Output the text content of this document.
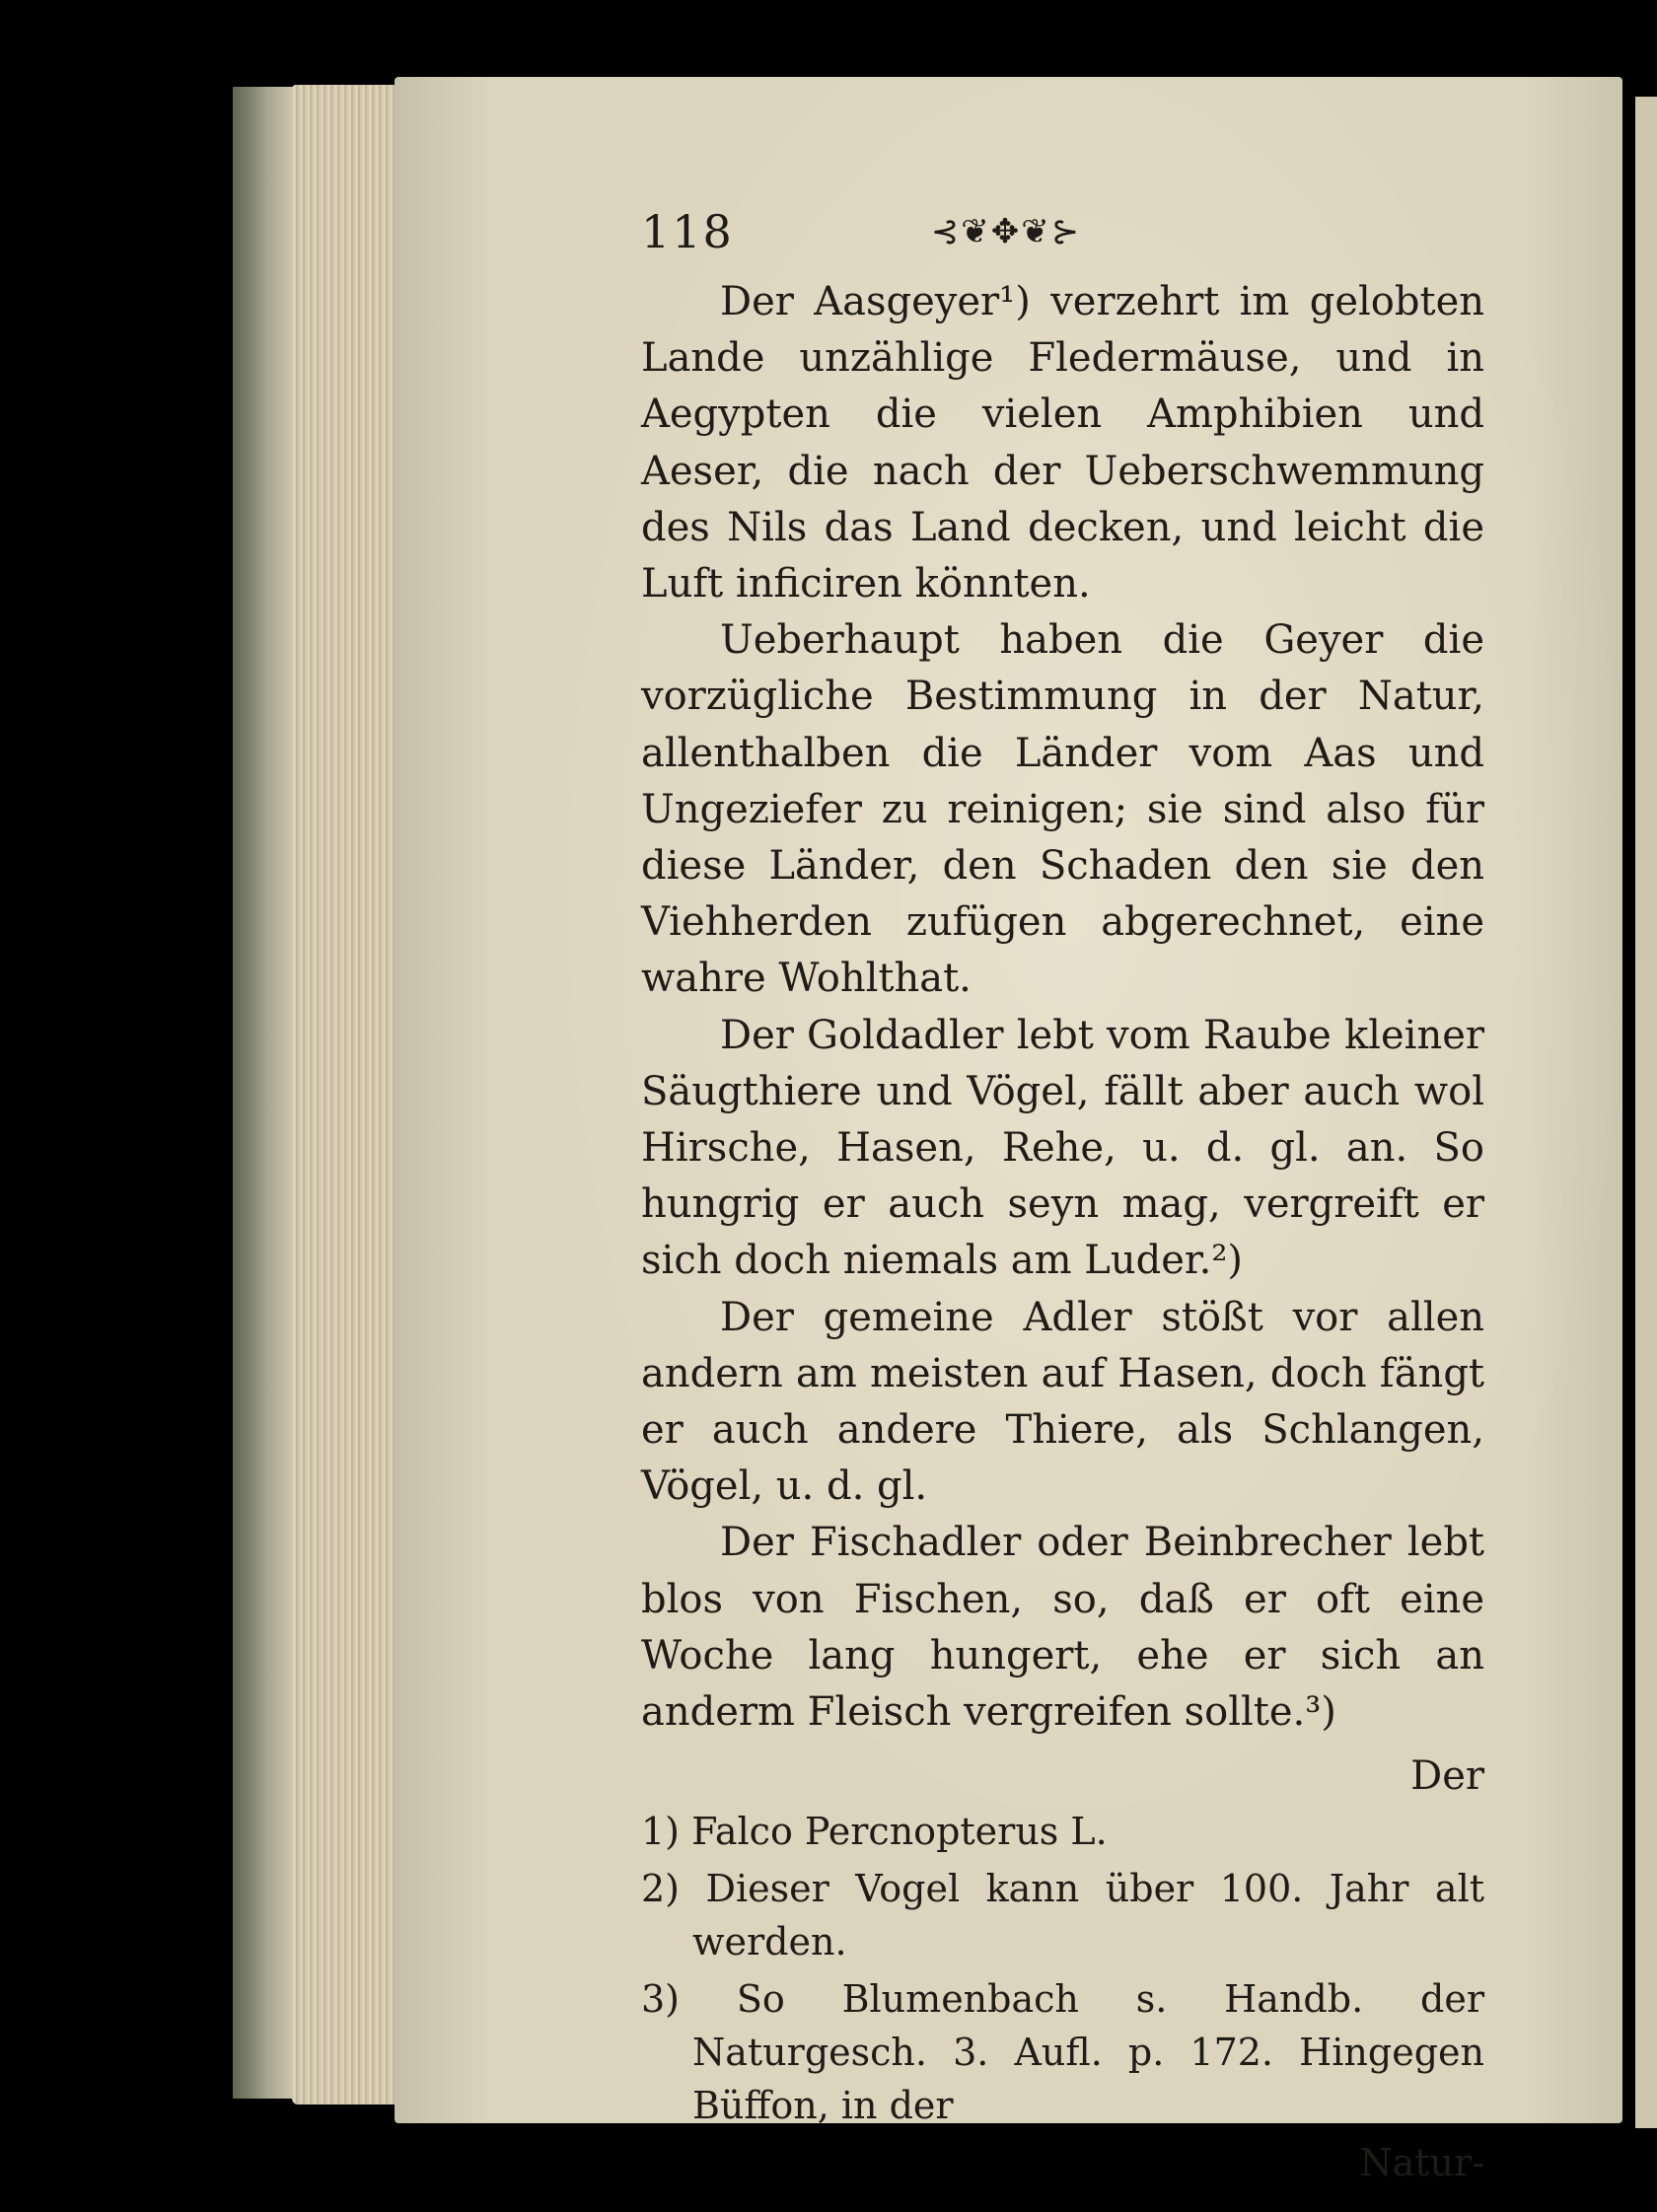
118	⊰❦✥❦⊱

Der Aasgeyer¹) verzehrt im gelobten Lande unzählige Fledermäuse, und in Aegypten die vielen Amphibien und Aeser, die nach der Ueberschwemmung des Nils das Land decken, und leicht die Luft inficiren könnten.

Ueberhaupt haben die Geyer die vorzügliche Bestimmung in der Natur, allenthalben die Länder vom Aas und Ungeziefer zu reinigen; sie sind also für diese Länder, den Schaden den sie den Viehherden zufügen abgerechnet, eine wahre Wohlthat.

Der Goldadler lebt vom Raube kleiner Säugthiere und Vögel, fällt aber auch wol Hirsche, Hasen, Rehe, u. d. gl. an. So hungrig er auch seyn mag, vergreift er sich doch niemals am Luder.²)

Der gemeine Adler stößt vor allen andern am meisten auf Hasen, doch fängt er auch andere Thiere, als Schlangen, Vögel, u. d. gl.

Der Fischadler oder Beinbrecher lebt blos von Fischen, so, daß er oft eine Woche lang hungert, ehe er sich an anderm Fleisch vergreifen sollte.³)

Der

1) Falco Percnopterus L.

2) Dieser Vogel kann über 100. Jahr alt werden.

3) So Blumenbach s. Handb. der Naturgesch. 3. Aufl. p. 172. Hingegen Büffon, in der

Natur-
